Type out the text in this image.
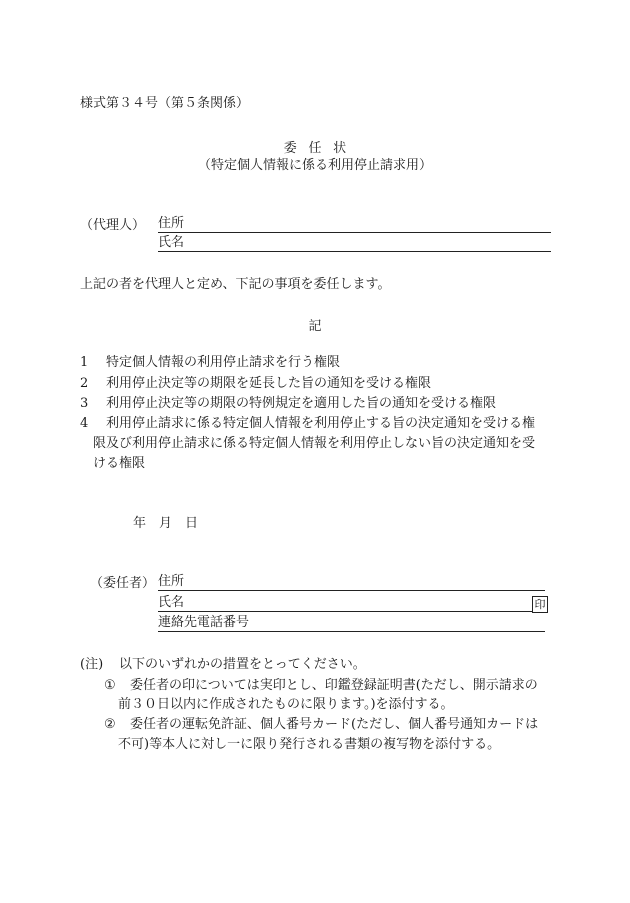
様式第３４号（第５条関係）
委任状
（特定個人情報に係る利用停止請求用）
（代理人） 住所
氏名
上記の者を代理人と定め、下記の事項を委任します。
記
1 特定個人情報の利用停止請求を行う権限
2 利用停止決定等の期限を延長した旨の通知を受ける権限
3 利用停止決定等の期限の特例規定を適用した旨の通知を受ける権限
4 利用停止請求に係る特定個人情報を利用停止する旨の決定通知を受ける権
限及び利用停止請求に係る特定個人情報を利用停止しない旨の決定通知を受
ける権限
年 月 日
（委任者） 住所
氏名	印
連絡先電話番号
(注) 以下のいずれかの措置をとってください。
① 委任者の印については実印とし、印鑑登録証明書(ただし、開示請求の
前３０日以内に作成されたものに限ります。)を添付する。
② 委任者の運転免許証、個人番号カード(ただし、個人番号通知カードは
不可)等本人に対し一に限り発行される書類の複写物を添付する。
